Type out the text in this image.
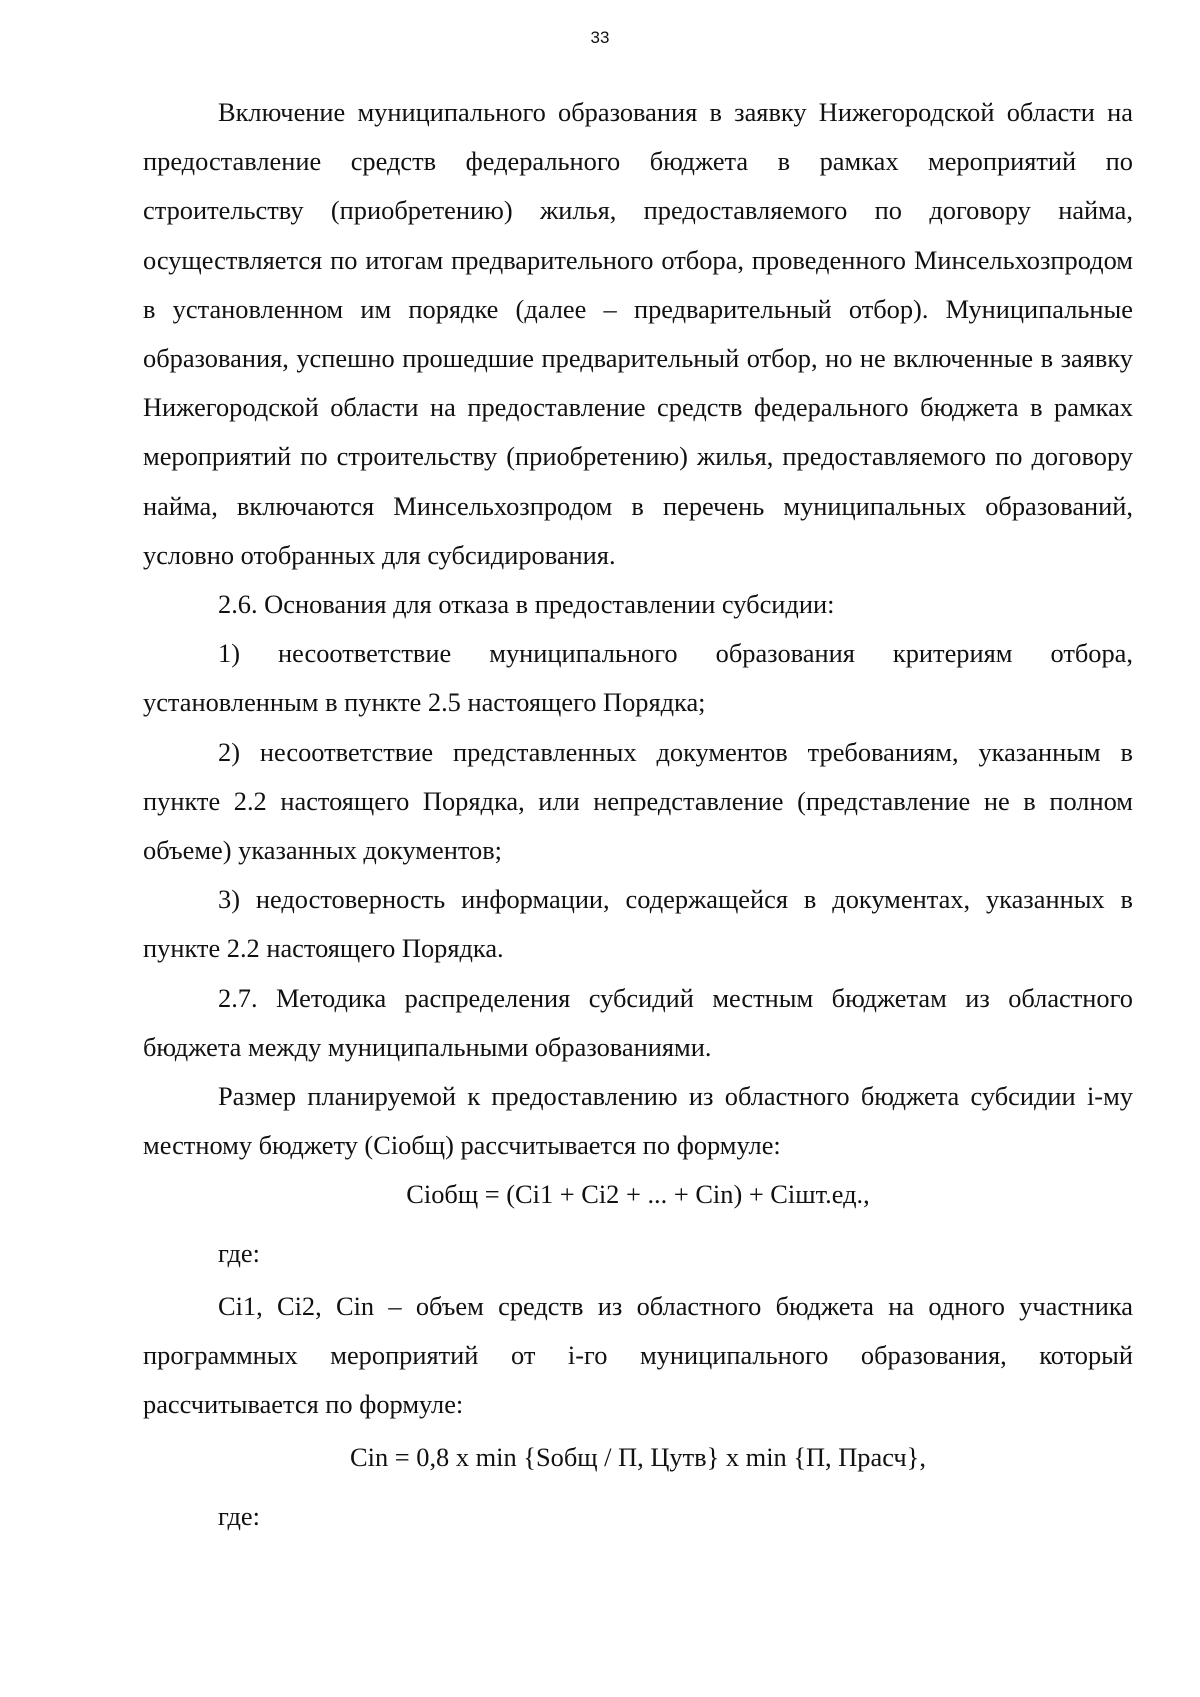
33

Включение муниципального образования в заявку Нижегородской области на предоставление средств федерального бюджета в рамках мероприятий по строительству (приобретению) жилья, предоставляемого по договору найма, осуществляется по итогам предварительного отбора, проведенного Минсельхозпродом в установленном им порядке (далее – предварительный отбор). Муниципальные образования, успешно прошедшие предварительный отбор, но не включенные в заявку Нижегородской области на предоставление средств федерального бюджета в рамках мероприятий по строительству (приобретению) жилья, предоставляемого по договору найма, включаются Минсельхозпродом в перечень муниципальных образований, условно отобранных для субсидирования.

2.6. Основания для отказа в предоставлении субсидии:

1) несоответствие муниципального образования критериям отбора, установленным в пункте 2.5 настоящего Порядка;

2) несоответствие представленных документов требованиям, указанным в пункте 2.2 настоящего Порядка, или непредставление (представление не в полном объеме) указанных документов;

3) недостоверность информации, содержащейся в документах, указанных в пункте 2.2 настоящего Порядка.

2.7. Методика распределения субсидий местным бюджетам из областного бюджета между муниципальными образованиями.

Размер планируемой к предоставлению из областного бюджета субсидии i-му местному бюджету (Ciобщ) рассчитывается по формуле:

Ciобщ = (Ci1 + Ci2 + ... + Cin) + Ciшт.ед.,

где:

Ci1, Ci2, Cin – объем средств из областного бюджета на одного участника программных мероприятий от i-го муниципального образования, который рассчитывается по формуле:

Cin = 0,8 x min {Sобщ / П, Цутв} x min {П, Прасч},

где:
